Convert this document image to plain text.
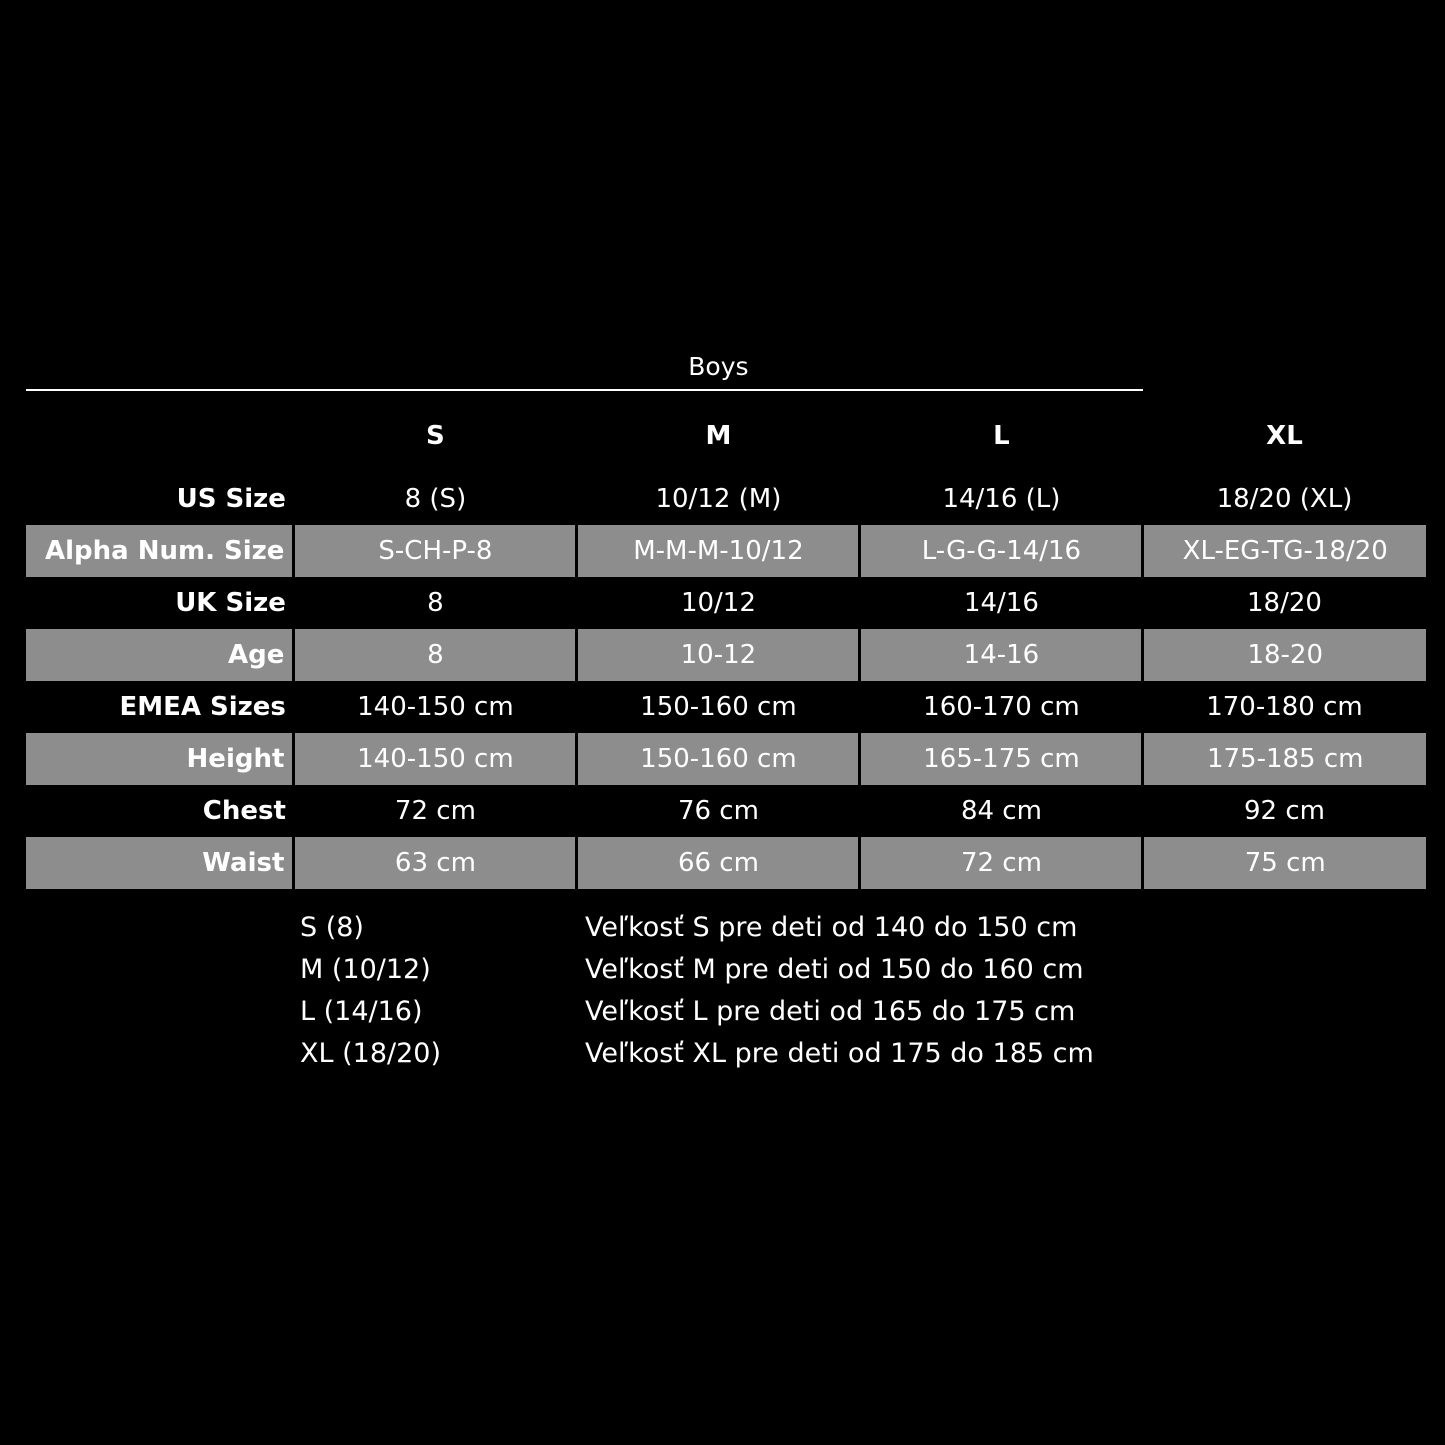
	Boys			
	S	M	L	XL
US Size	8 (S)	10/12 (M)	14/16 (L)	18/20 (XL)
Alpha Num. Size	S-CH-P-8	M-M-M-10/12	L-G-G-14/16	XL-EG-TG-18/20
UK Size	8	10/12	14/16	18/20
Age	8	10-12	14-16	18-20
EMEA Sizes	140-150 cm	150-160 cm	160-170 cm	170-180 cm
Height	140-150 cm	150-160 cm	165-175 cm	175-185 cm
Chest	72 cm	76 cm	84 cm	92 cm
Waist	63 cm	66 cm	72 cm	75 cm
S (8)	Veľkosť S pre deti od 140 do 150 cm
M (10/12)	Veľkosť M pre deti od 150 do 160 cm
L (14/16)	Veľkosť L pre deti od 165 do 175 cm
XL (18/20)	Veľkosť XL pre deti od 175 do 185 cm
